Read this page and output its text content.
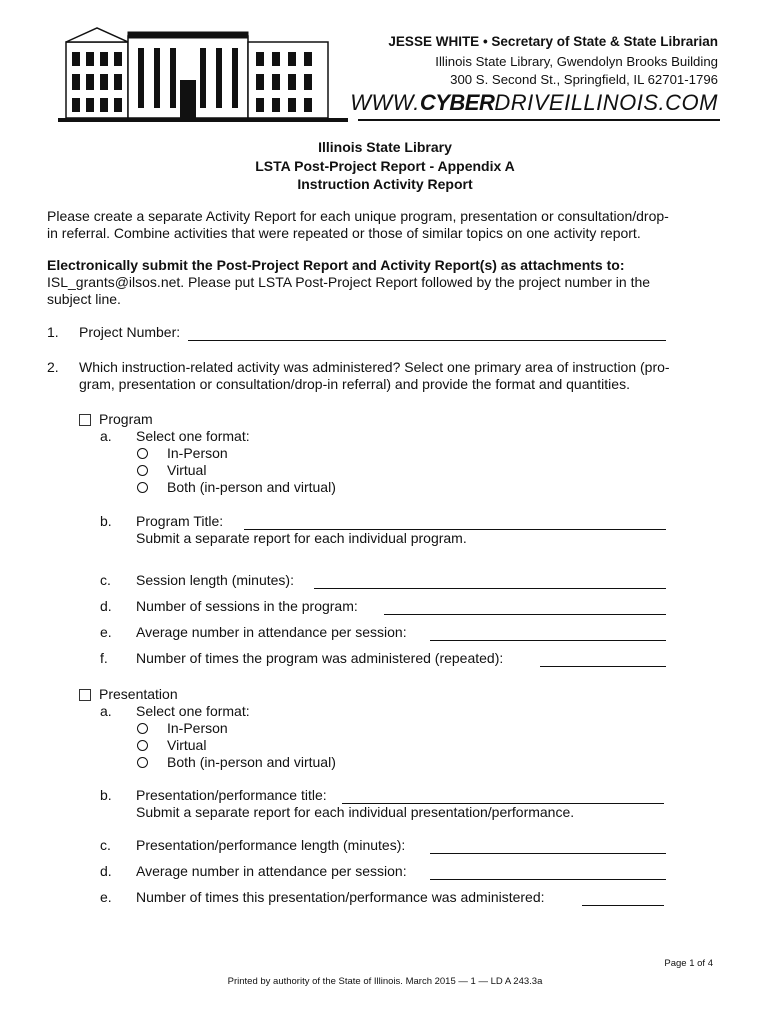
JESSE WHITE • Secretary of State & State Librarian
Illinois State Library, Gwendolyn Brooks Building
300 S. Second St., Springfield, IL 62701-1796
WWW.CYBERDRIVEILLINOIS.COM
Illinois State Library
LSTA Post-Project Report - Appendix A
Instruction Activity Report
Please create a separate Activity Report for each unique program, presentation or consultation/drop-
in referral. Combine activities that were repeated or those of similar topics on one activity report.
Electronically submit the Post-Project Report and Activity Report(s) as attachments to:
ISL_grants@ilsos.net. Please put LSTA Post-Project Report followed by the project number in the
subject line.
1. Project Number:
2. Which instruction-related activity was administered? Select one primary area of instruction (pro-
gram, presentation or consultation/drop-in referral) and provide the format and quantities.
Program
a. Select one format:
In-Person
Virtual
Both (in-person and virtual)
b. Program Title:
Submit a separate report for each individual program.
c. Session length (minutes):
d. Number of sessions in the program:
e. Average number in attendance per session:
f. Number of times the program was administered (repeated):
Presentation
a. Select one format:
In-Person
Virtual
Both (in-person and virtual)
b. Presentation/performance title:
Submit a separate report for each individual presentation/performance.
c. Presentation/performance length (minutes):
d. Average number in attendance per session:
e. Number of times this presentation/performance was administered:
Page 1 of 4
Printed by authority of the State of Illinois. March 2015 — 1 — LD A 243.3a
